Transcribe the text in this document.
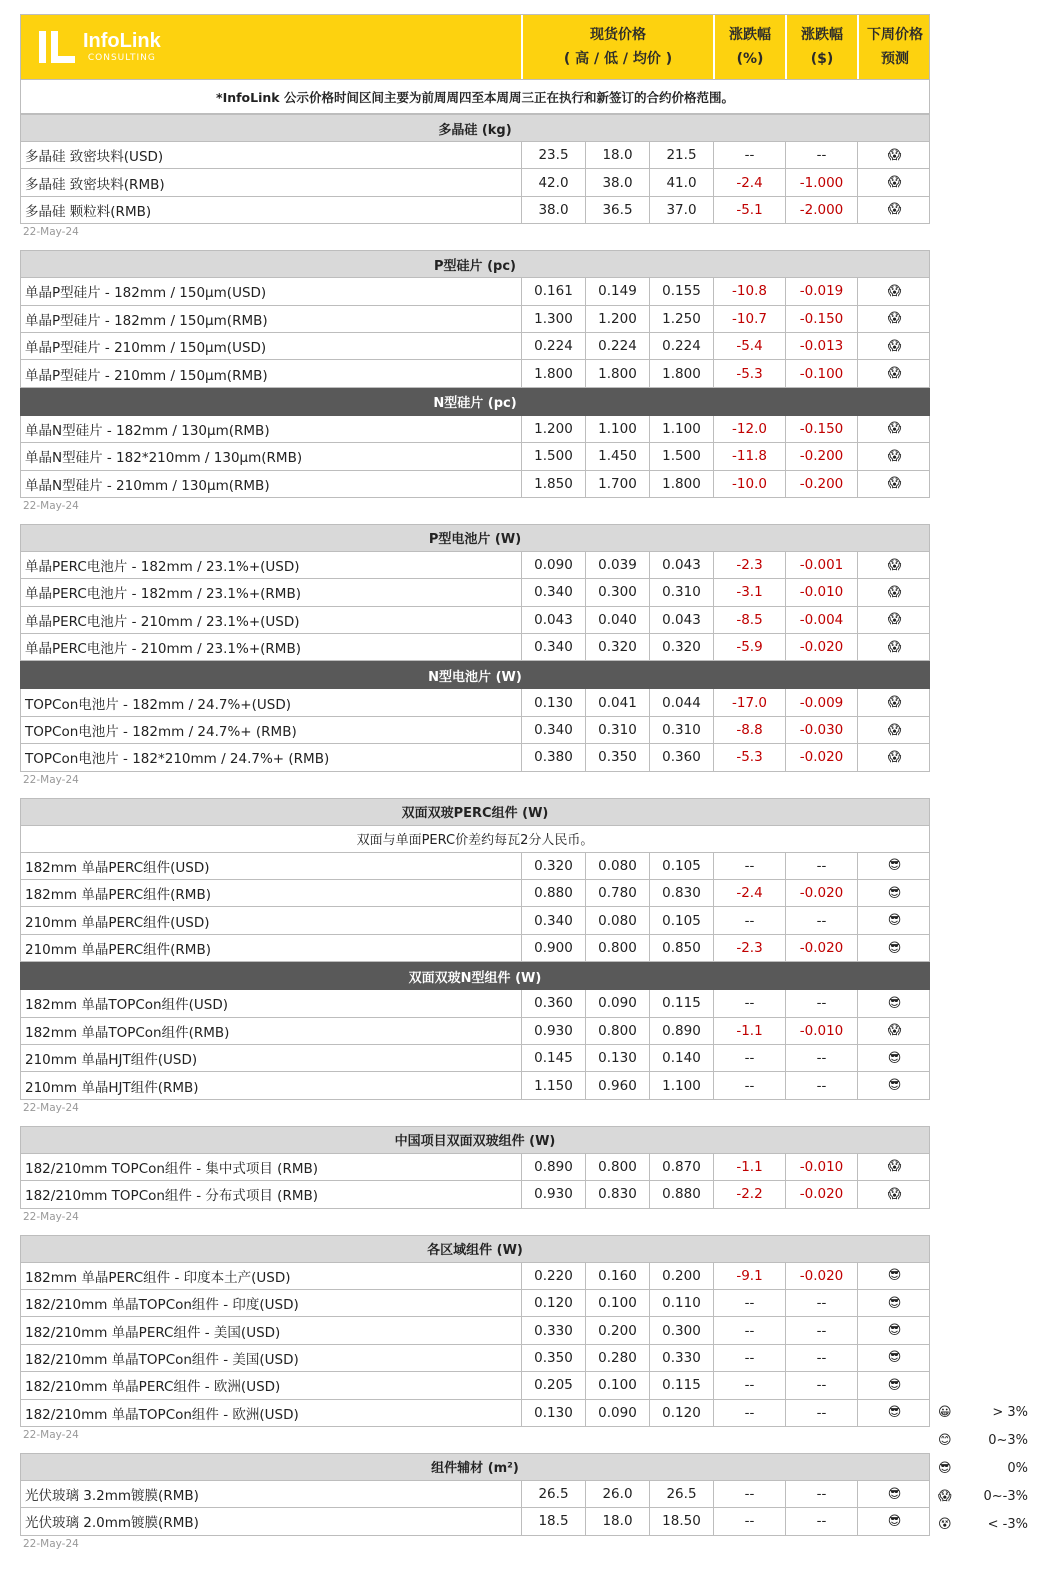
InfoLink
CONSULTING
现货价格
( 高 / 低 / 均价 )
涨跌幅
(%)
涨跌幅
($)
下周价格
预测
*InfoLink 公示价格时间区间主要为前周周四至本周周三正在执行和新签订的合约价格范围。
多晶硅 (kg)
多晶硅 致密块料(USD)	23.5	18.0	21.5	--	--	😱
多晶硅 致密块料(RMB)	42.0	38.0	41.0	-2.4	-1.000	😱
多晶硅 颗粒料(RMB)	38.0	36.5	37.0	-5.1	-2.000	😱
22-May-24
P型硅片 (pc)
单晶P型硅片 - 182mm / 150μm(USD)	0.161	0.149	0.155	-10.8	-0.019	😱
单晶P型硅片 - 182mm / 150μm(RMB)	1.300	1.200	1.250	-10.7	-0.150	😱
单晶P型硅片 - 210mm / 150μm(USD)	0.224	0.224	0.224	-5.4	-0.013	😱
单晶P型硅片 - 210mm / 150μm(RMB)	1.800	1.800	1.800	-5.3	-0.100	😱
N型硅片 (pc)
单晶N型硅片 - 182mm / 130μm(RMB)	1.200	1.100	1.100	-12.0	-0.150	😱
单晶N型硅片 - 182*210mm / 130μm(RMB)	1.500	1.450	1.500	-11.8	-0.200	😱
单晶N型硅片 - 210mm / 130μm(RMB)	1.850	1.700	1.800	-10.0	-0.200	😱
22-May-24
P型电池片 (W)
单晶PERC电池片 - 182mm / 23.1%+(USD)	0.090	0.039	0.043	-2.3	-0.001	😱
单晶PERC电池片 - 182mm / 23.1%+(RMB)	0.340	0.300	0.310	-3.1	-0.010	😱
单晶PERC电池片 - 210mm / 23.1%+(USD)	0.043	0.040	0.043	-8.5	-0.004	😱
单晶PERC电池片 - 210mm / 23.1%+(RMB)	0.340	0.320	0.320	-5.9	-0.020	😱
N型电池片 (W)
TOPCon电池片 - 182mm / 24.7%+(USD)	0.130	0.041	0.044	-17.0	-0.009	😱
TOPCon电池片 - 182mm / 24.7%+ (RMB)	0.340	0.310	0.310	-8.8	-0.030	😱
TOPCon电池片 - 182*210mm / 24.7%+ (RMB)	0.380	0.350	0.360	-5.3	-0.020	😱
22-May-24
双面双玻PERC组件 (W)
双面与单面PERC价差约每瓦2分人民币。
182mm 单晶PERC组件(USD)	0.320	0.080	0.105	--	--	😎
182mm 单晶PERC组件(RMB)	0.880	0.780	0.830	-2.4	-0.020	😎
210mm 单晶PERC组件(USD)	0.340	0.080	0.105	--	--	😎
210mm 单晶PERC组件(RMB)	0.900	0.800	0.850	-2.3	-0.020	😎
双面双玻N型组件 (W)
182mm 单晶TOPCon组件(USD)	0.360	0.090	0.115	--	--	😎
182mm 单晶TOPCon组件(RMB)	0.930	0.800	0.890	-1.1	-0.010	😱
210mm 单晶HJT组件(USD)	0.145	0.130	0.140	--	--	😎
210mm 单晶HJT组件(RMB)	1.150	0.960	1.100	--	--	😎
22-May-24
中国项目双面双玻组件 (W)
182/210mm TOPCon组件 - 集中式项目 (RMB)	0.890	0.800	0.870	-1.1	-0.010	😱
182/210mm TOPCon组件 - 分布式项目 (RMB)	0.930	0.830	0.880	-2.2	-0.020	😱
22-May-24
各区域组件 (W)
182mm 单晶PERC组件 - 印度本土产(USD)	0.220	0.160	0.200	-9.1	-0.020	😎
182/210mm 单晶TOPCon组件 - 印度(USD)	0.120	0.100	0.110	--	--	😎
182/210mm 单晶PERC组件 - 美国(USD)	0.330	0.200	0.300	--	--	😎
182/210mm 单晶TOPCon组件 - 美国(USD)	0.350	0.280	0.330	--	--	😎
182/210mm 单晶PERC组件 - 欧洲(USD)	0.205	0.100	0.115	--	--	😎
182/210mm 单晶TOPCon组件 - 欧洲(USD)	0.130	0.090	0.120	--	--	😎
22-May-24
组件辅材 (m²)
光伏玻璃 3.2mm镀膜(RMB)	26.5	26.0	26.5	--	--	😎
光伏玻璃 2.0mm镀膜(RMB)	18.5	18.0	18.50	--	--	😎
22-May-24
😀	> 3%
😊	0~3%
😎	0%
😱	0~-3%
😵	< -3%
